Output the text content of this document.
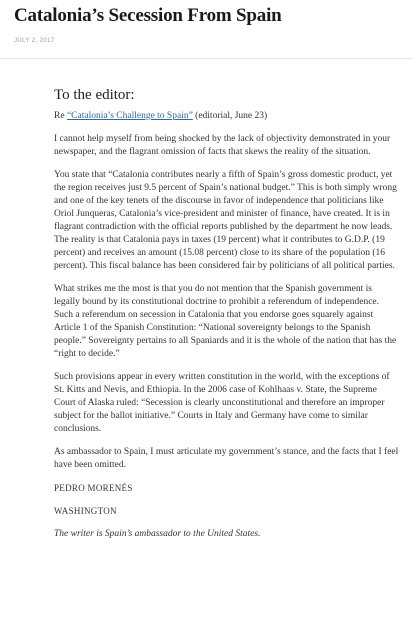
Catalonia’s Secession From Spain
JULY 2, 2017
To the editor:

Re “Catalonia’s Challenge to Spain” (editorial, June 23)

I cannot help myself from being shocked by the lack of objectivity demonstrated in your newspaper, and the flagrant omission of facts that skews the reality of the situation.

You state that “Catalonia contributes nearly a fifth of Spain’s gross domestic product, yet the region receives just 9.5 percent of Spain’s national budget.” This is both simply wrong and one of the key tenets of the discourse in favor of independence that politicians like Oriol Junqueras, Catalonia’s vice-president and minister of finance, have created. It is in flagrant contradiction with the official reports published by the department he now leads. The reality is that Catalonia pays in taxes (19 percent) what it contributes to G.D.P. (19 percent) and receives an amount (15.08 percent) close to its share of the population (16 percent). This fiscal balance has been considered fair by politicians of all political parties.

What strikes me the most is that you do not mention that the Spanish government is legally bound by its constitutional doctrine to prohibit a referendum of independence. Such a referendum on secession in Catalonia that you endorse goes squarely against Article 1 of the Spanish Constitution: “National sovereignty belongs to the Spanish people.” Sovereignty pertains to all Spaniards and it is the whole of the nation that has the “right to decide.”

Such provisions appear in every written constitution in the world, with the exceptions of St. Kitts and Nevis, and Ethiopia. In the 2006 case of Kohlhaas v. State, the Supreme Court of Alaska ruled: “Secession is clearly unconstitutional and therefore an improper subject for the ballot initiative.” Courts in Italy and Germany have come to similar conclusions.

As ambassador to Spain, I must articulate my government’s stance, and the facts that I feel have been omitted.

PEDRO MORENÉS

WASHINGTON

The writer is Spain’s ambassador to the United States.
